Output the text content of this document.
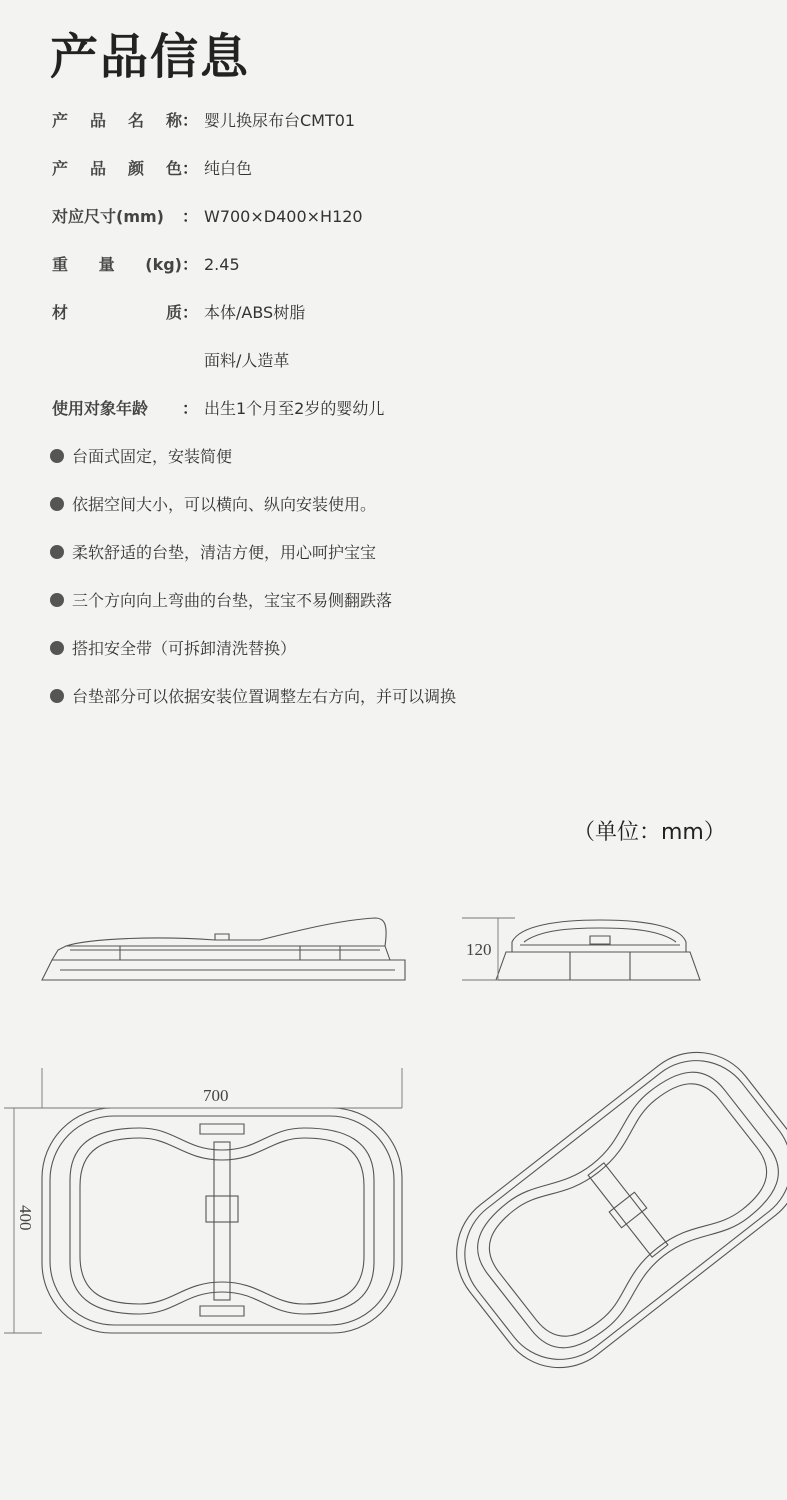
产品信息
产品名称： 婴儿换尿布台CMT01
产品颜色： 纯白色
对应尺寸(mm) ： W700×D400×H120
重 量 (kg)： 2.45
材质： 本体/ABS树脂
面料/人造革
使用对象年龄 ： 出生1个月至2岁的婴幼儿
台面式固定，安装简便
依据空间大小，可以横向、纵向安装使用。
柔软舒适的台垫，清洁方便，用心呵护宝宝
三个方向向上弯曲的台垫，宝宝不易侧翻跌落
搭扣安全带（可拆卸清洗替换）
台垫部分可以依据安装位置调整左右方向，并可以调换
（单位：mm）
120
700
400
